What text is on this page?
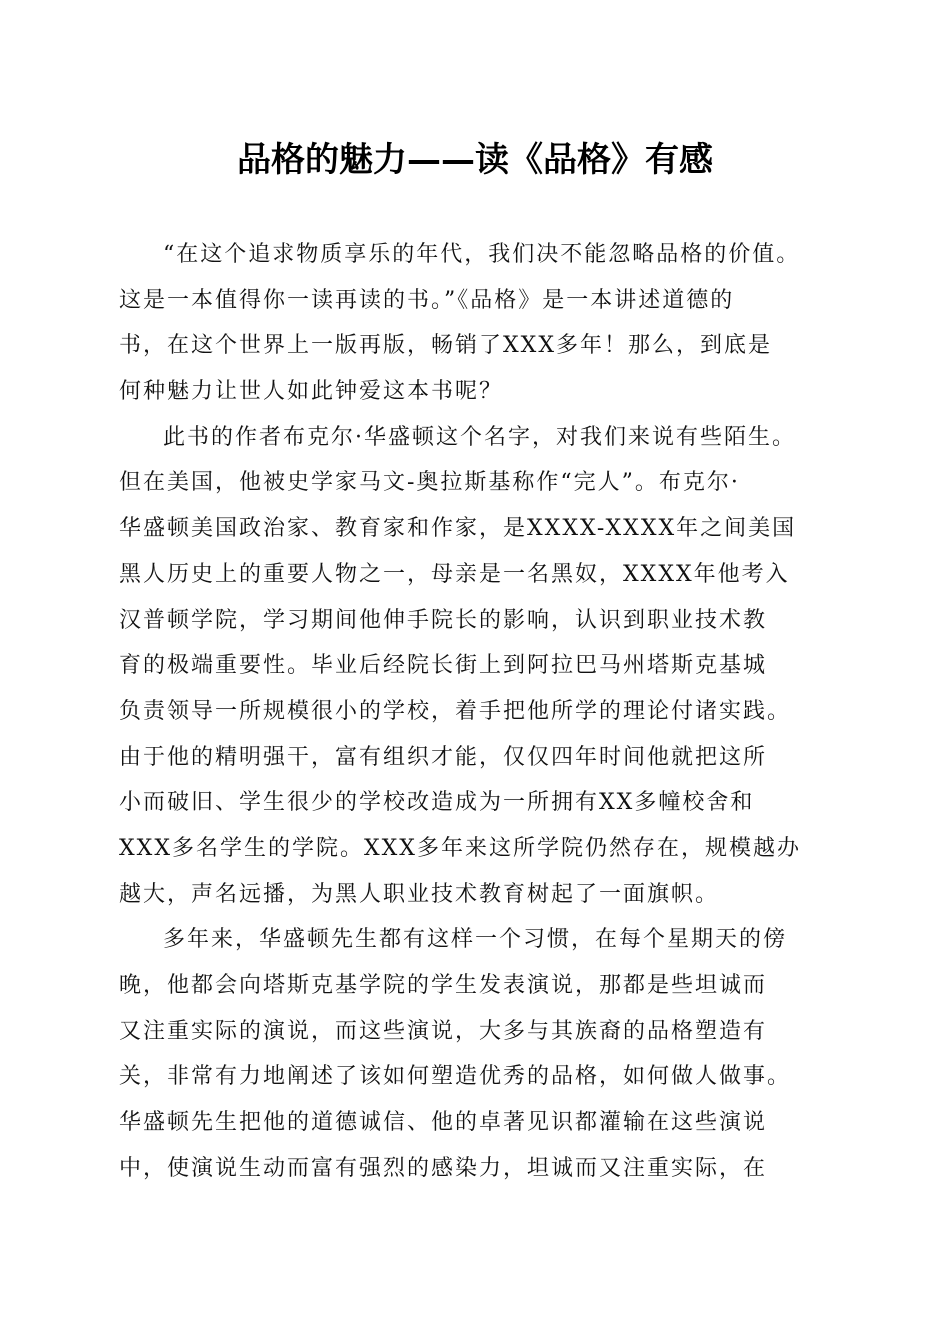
品格的魅力——读《品格》有感
“在这个追求物质享乐的年代，我们决不能忽略品格的价值。
这是一本值得你一读再读的书。”《品格》是一本讲述道德的
书，在这个世界上一版再版，畅销了XXX多年！那么，到底是
何种魅力让世人如此钟爱这本书呢？
此书的作者布克尔·华盛顿这个名字，对我们来说有些陌生。
但在美国，他被史学家马文-奥拉斯基称作“完人”。布克尔·
华盛顿美国政治家、教育家和作家，是XXXX-XXXX年之间美国
黑人历史上的重要人物之一，母亲是一名黑奴，XXXX年他考入
汉普顿学院，学习期间他伸手院长的影响，认识到职业技术教
育的极端重要性。毕业后经院长街上到阿拉巴马州塔斯克基城
负责领导一所规模很小的学校，着手把他所学的理论付诸实践。
由于他的精明强干，富有组织才能，仅仅四年时间他就把这所
小而破旧、学生很少的学校改造成为一所拥有XX多幢校舍和
XXX多名学生的学院。XXX多年来这所学院仍然存在，规模越办
越大，声名远播，为黑人职业技术教育树起了一面旗帜。
多年来，华盛顿先生都有这样一个习惯，在每个星期天的傍
晚，他都会向塔斯克基学院的学生发表演说，那都是些坦诚而
又注重实际的演说，而这些演说，大多与其族裔的品格塑造有
关，非常有力地阐述了该如何塑造优秀的品格，如何做人做事。
华盛顿先生把他的道德诚信、他的卓著见识都灌输在这些演说
中，使演说生动而富有强烈的感染力，坦诚而又注重实际，在
